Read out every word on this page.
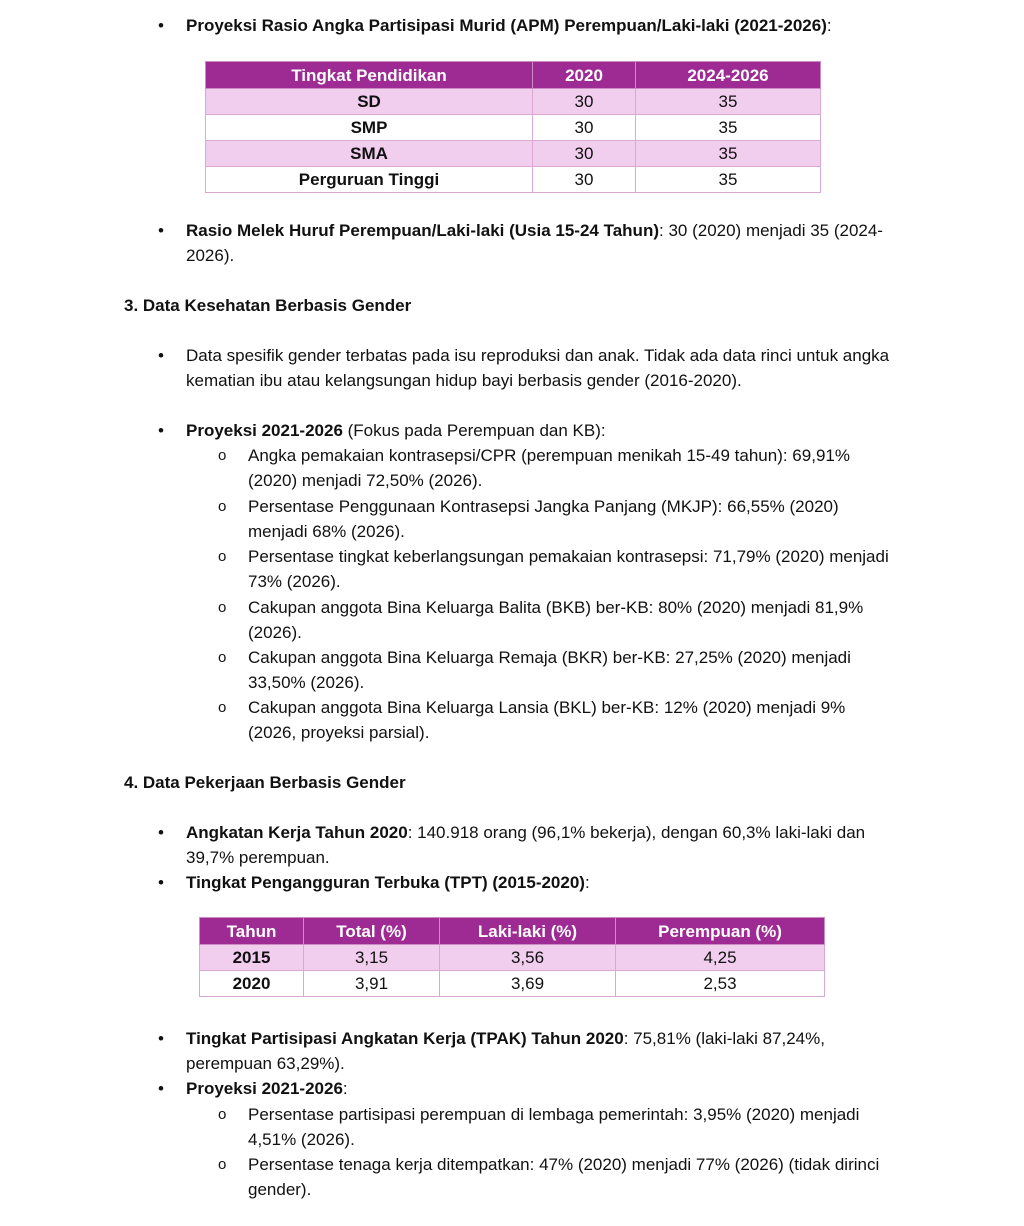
• Proyeksi Rasio Angka Partisipasi Murid (APM) Perempuan/Laki-laki (2021-2026):
Tingkat Pendidikan	2020	2024-2026
SD	30	35
SMP	30	35
SMA	30	35
Perguruan Tinggi	30	35
• Rasio Melek Huruf Perempuan/Laki-laki (Usia 15-24 Tahun): 30 (2020) menjadi 35 (2024-2026).
3. Data Kesehatan Berbasis Gender
• Data spesifik gender terbatas pada isu reproduksi dan anak. Tidak ada data rinci untuk angka kematian ibu atau kelangsungan hidup bayi berbasis gender (2016-2020).
• Proyeksi 2021-2026 (Fokus pada Perempuan dan KB):
o Angka pemakaian kontrasepsi/CPR (perempuan menikah 15-49 tahun): 69,91% (2020) menjadi 72,50% (2026).
o Persentase Penggunaan Kontrasepsi Jangka Panjang (MKJP): 66,55% (2020) menjadi 68% (2026).
o Persentase tingkat keberlangsungan pemakaian kontrasepsi: 71,79% (2020) menjadi 73% (2026).
o Cakupan anggota Bina Keluarga Balita (BKB) ber-KB: 80% (2020) menjadi 81,9% (2026).
o Cakupan anggota Bina Keluarga Remaja (BKR) ber-KB: 27,25% (2020) menjadi 33,50% (2026).
o Cakupan anggota Bina Keluarga Lansia (BKL) ber-KB: 12% (2020) menjadi 9% (2026, proyeksi parsial).
4. Data Pekerjaan Berbasis Gender
• Angkatan Kerja Tahun 2020: 140.918 orang (96,1% bekerja), dengan 60,3% laki-laki dan 39,7% perempuan.
• Tingkat Pengangguran Terbuka (TPT) (2015-2020):
Tahun	Total (%)	Laki-laki (%)	Perempuan (%)
2015	3,15	3,56	4,25
2020	3,91	3,69	2,53
• Tingkat Partisipasi Angkatan Kerja (TPAK) Tahun 2020: 75,81% (laki-laki 87,24%, perempuan 63,29%).
• Proyeksi 2021-2026:
o Persentase partisipasi perempuan di lembaga pemerintah: 3,95% (2020) menjadi 4,51% (2026).
o Persentase tenaga kerja ditempatkan: 47% (2020) menjadi 77% (2026) (tidak dirinci gender).
